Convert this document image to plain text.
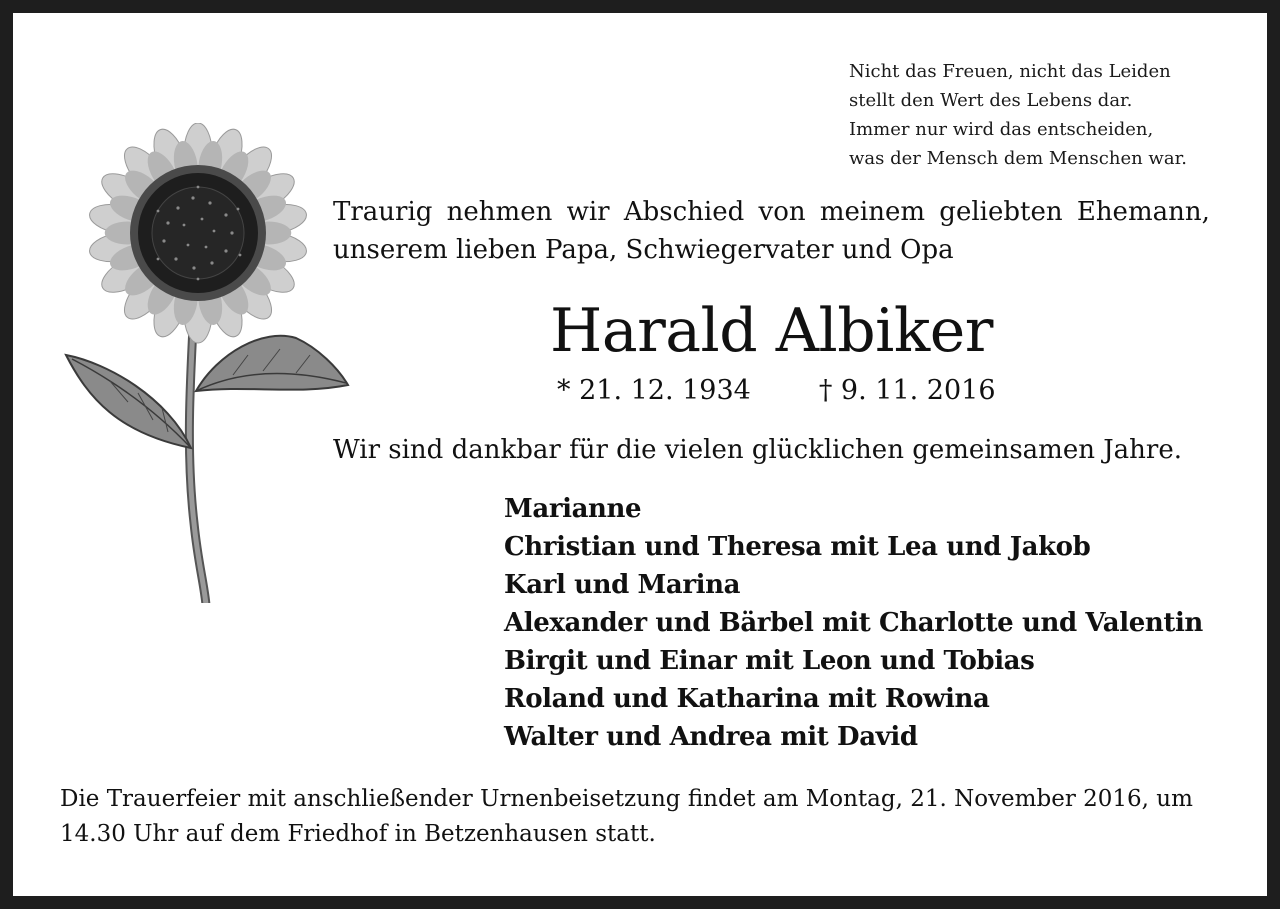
Nicht das Freuen, nicht das Leiden
stellt den Wert des Lebens dar.
Immer nur wird das entscheiden,
was der Mensch dem Menschen war.
Traurig nehmen wir Abschied von meinem geliebten Ehemann,
unserem lieben Papa, Schwiegervater und Opa
Harald Albiker
* 21. 12. 1934	† 9. 11. 2016
Wir sind dankbar für die vielen glücklichen gemeinsamen Jahre.
Marianne
Christian und Theresa mit Lea und Jakob
Karl und Marina
Alexander und Bärbel mit Charlotte und Valentin
Birgit und Einar mit Leon und Tobias
Roland und Katharina mit Rowina
Walter und Andrea mit David
Die Trauerfeier mit anschließender Urnenbeisetzung findet am Montag, 21. November 2016, um
14.30 Uhr auf dem Friedhof in Betzenhausen statt.
